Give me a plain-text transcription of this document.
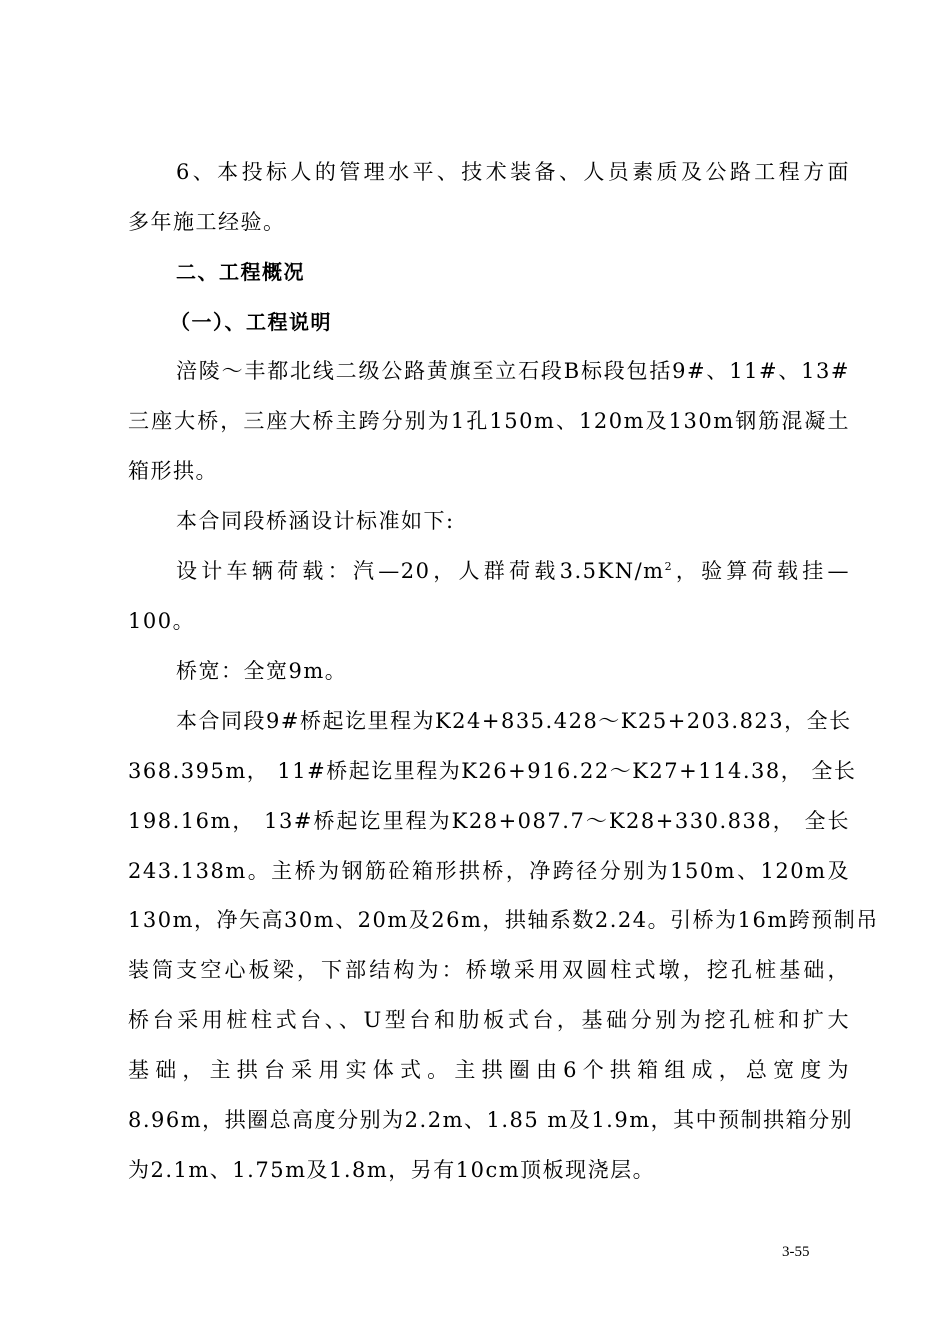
6、本投标人的管理水平、技术装备、人员素质及公路工程方面
多年施工经验。
二、工程概况
（一）、工程说明
涪陵～丰都北线二级公路黄旗至立石段B标段包括9#、11#、13#
三座大桥，三座大桥主跨分别为1孔150m、120m及130m钢筋混凝土
箱形拱。
本合同段桥涵设计标准如下:
设计车辆荷载：汽—20，人群荷载$3.5KN/m^2$，验算荷载挂—
100。
桥宽：全宽9m。
本合同段9#桥起讫里程为K24+835.428～K25+203.823，全长
368.395m， 11#桥起讫里程为K26+916.22～K27+114.38， 全长
198.16m， 13#桥起讫里程为K28+087.7～K28+330.838， 全长
243.138m。主桥为钢筋砼箱形拱桥，净跨径分别为150m、120m及
130m，净矢高30m、20m及26m，拱轴系数2.24。引桥为16m跨预制吊
装筒支空心板梁，下部结构为：桥墩采用双圆柱式墩，挖孔桩基础，
桥台采用桩柱式台、、U型台和肋板式台，基础分别为挖孔桩和扩大
基础，主拱台采用实体式。主拱圈由6个拱箱组成，总宽度为
8.96m，拱圈总高度分别为2.2m、1.85 m及1.9m，其中预制拱箱分别
为2.1m、1.75m及1.8m，另有10cm顶板现浇层。
3-55
